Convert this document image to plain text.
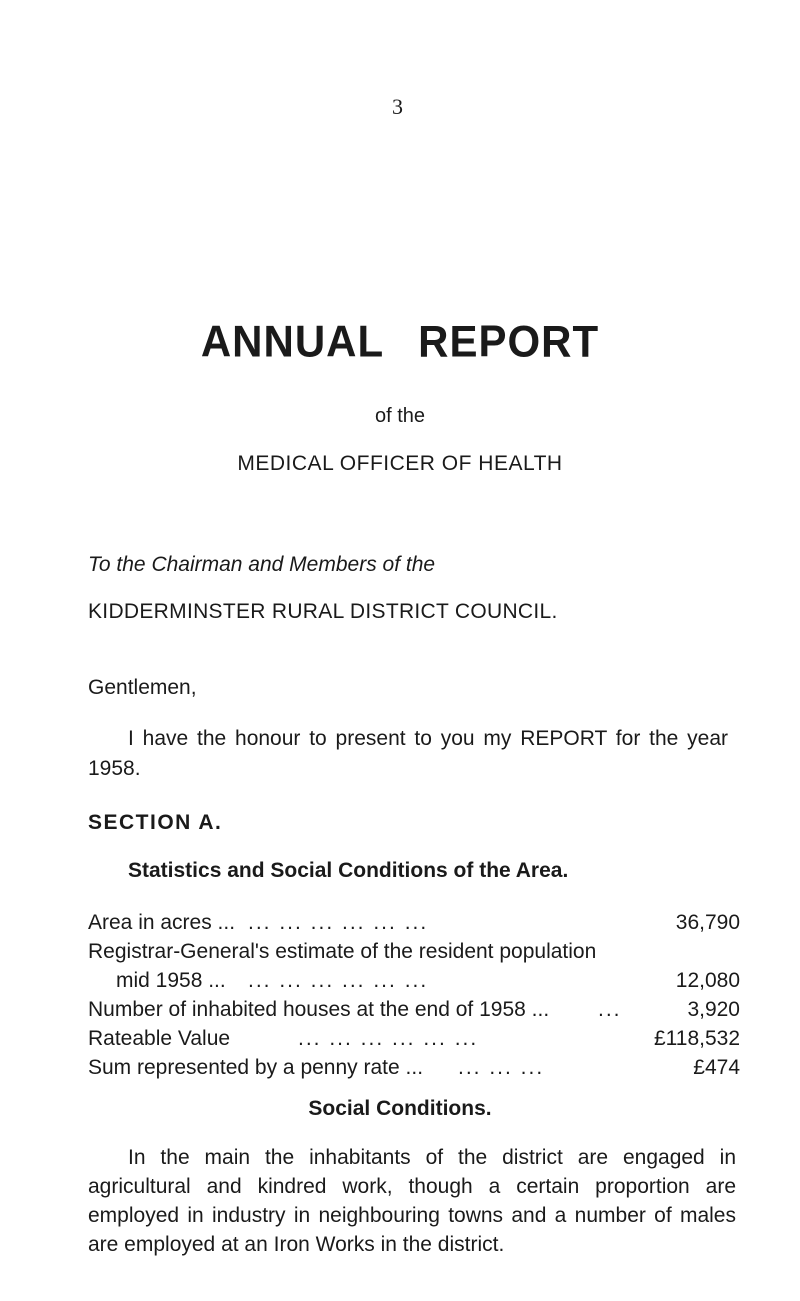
3
ANNUAL REPORT
of the
MEDICAL OFFICER OF HEALTH
To the Chairman and Members of the
KIDDERMINSTER RURAL DISTRICT COUNCIL.
Gentlemen,
I have the honour to present to you my REPORT for the year 1958.
SECTION A.
Statistics and Social Conditions of the Area.
Area in acres ... ... ... ... ... ... ...	36,790
Registrar-General's estimate of the resident population
mid 1958 ... ... ... ... ... ... ...	12,080
Number of inhabited houses at the end of 1958 ... ...	3,920
Rateable Value	... ... ... ... ... ...	£118,532
Sum represented by a penny rate ... ... ... ...	£474
Social Conditions.
In the main the inhabitants of the district are engaged in agricultural and kindred work, though a certain proportion are employed in industry in neighbouring towns and a number of males are employed at an Iron Works in the district.
